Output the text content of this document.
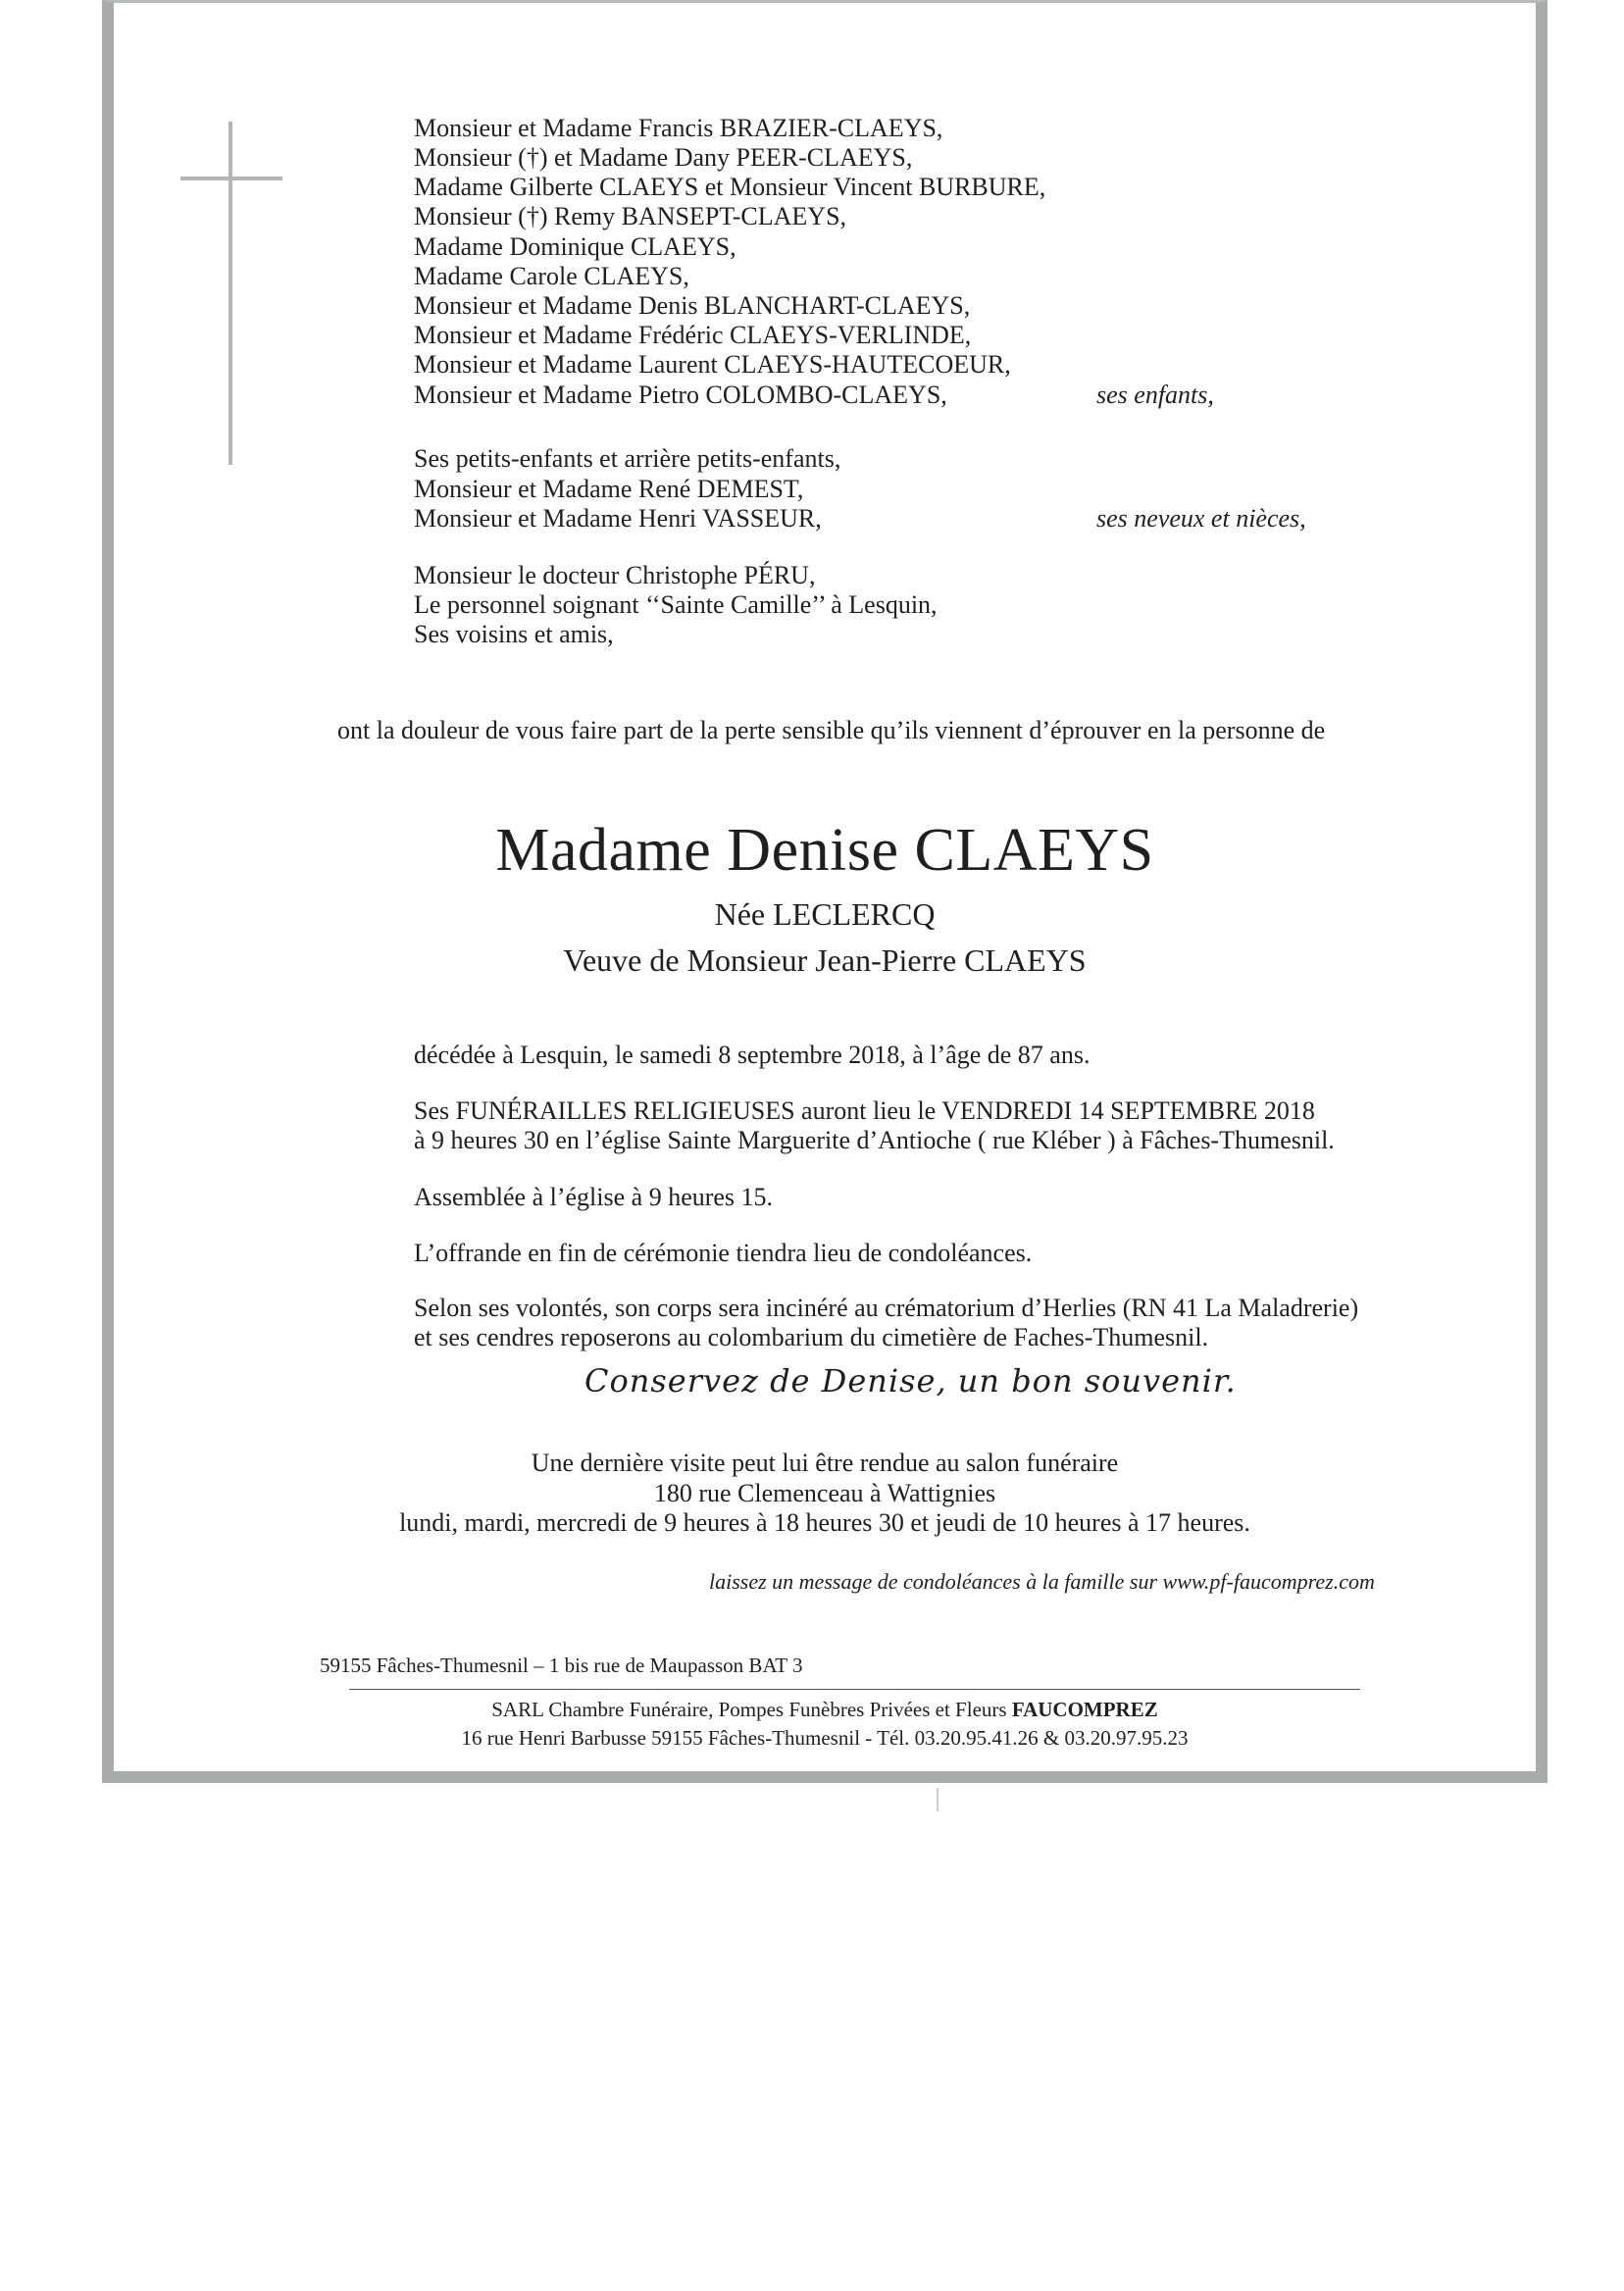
Monsieur et Madame Francis BRAZIER-CLAEYS,
Monsieur (†) et Madame Dany PEER-CLAEYS,
Madame Gilberte CLAEYS et Monsieur Vincent BURBURE,
Monsieur (†) Remy BANSEPT-CLAEYS,
Madame Dominique CLAEYS,
Madame Carole CLAEYS,
Monsieur et Madame Denis BLANCHART-CLAEYS,
Monsieur et Madame Frédéric CLAEYS-VERLINDE,
Monsieur et Madame Laurent CLAEYS-HAUTECOEUR,
Monsieur et Madame Pietro COLOMBO-CLAEYS,	ses enfants,
Ses petits-enfants et arrière petits-enfants,
Monsieur et Madame René DEMEST,
Monsieur et Madame Henri VASSEUR,	ses neveux et nièces,
Monsieur le docteur Christophe PÉRU,
Le personnel soignant ‘‘Sainte Camille’’ à Lesquin,
Ses voisins et amis,
ont la douleur de vous faire part de la perte sensible qu’ils viennent d’éprouver en la personne de
Madame Denise CLAEYS
Née LECLERCQ
Veuve de Monsieur Jean-Pierre CLAEYS
décédée à Lesquin, le samedi 8 septembre 2018, à l’âge de 87 ans.
Ses FUNÉRAILLES RELIGIEUSES auront lieu le VENDREDI 14 SEPTEMBRE 2018
à 9 heures 30 en l’église Sainte Marguerite d’Antioche ( rue Kléber ) à Fâches-Thumesnil.
Assemblée à l’église à 9 heures 15.
L’offrande en fin de cérémonie tiendra lieu de condoléances.
Selon ses volontés, son corps sera incinéré au crématorium d’Herlies (RN 41 La Maladrerie)
et ses cendres reposerons au colombarium du cimetière de Faches-Thumesnil.
Conservez de Denise, un bon souvenir.
Une dernière visite peut lui être rendue au salon funéraire
180 rue Clemenceau à Wattignies
lundi, mardi, mercredi de 9 heures à 18 heures 30 et jeudi de 10 heures à 17 heures.
laissez un message de condoléances à la famille sur www.pf-faucomprez.com
59155 Fâches-Thumesnil – 1 bis rue de Maupasson BAT 3
SARL Chambre Funéraire, Pompes Funèbres Privées et Fleurs FAUCOMPREZ
16 rue Henri Barbusse 59155 Fâches-Thumesnil - Tél. 03.20.95.41.26 & 03.20.97.95.23
